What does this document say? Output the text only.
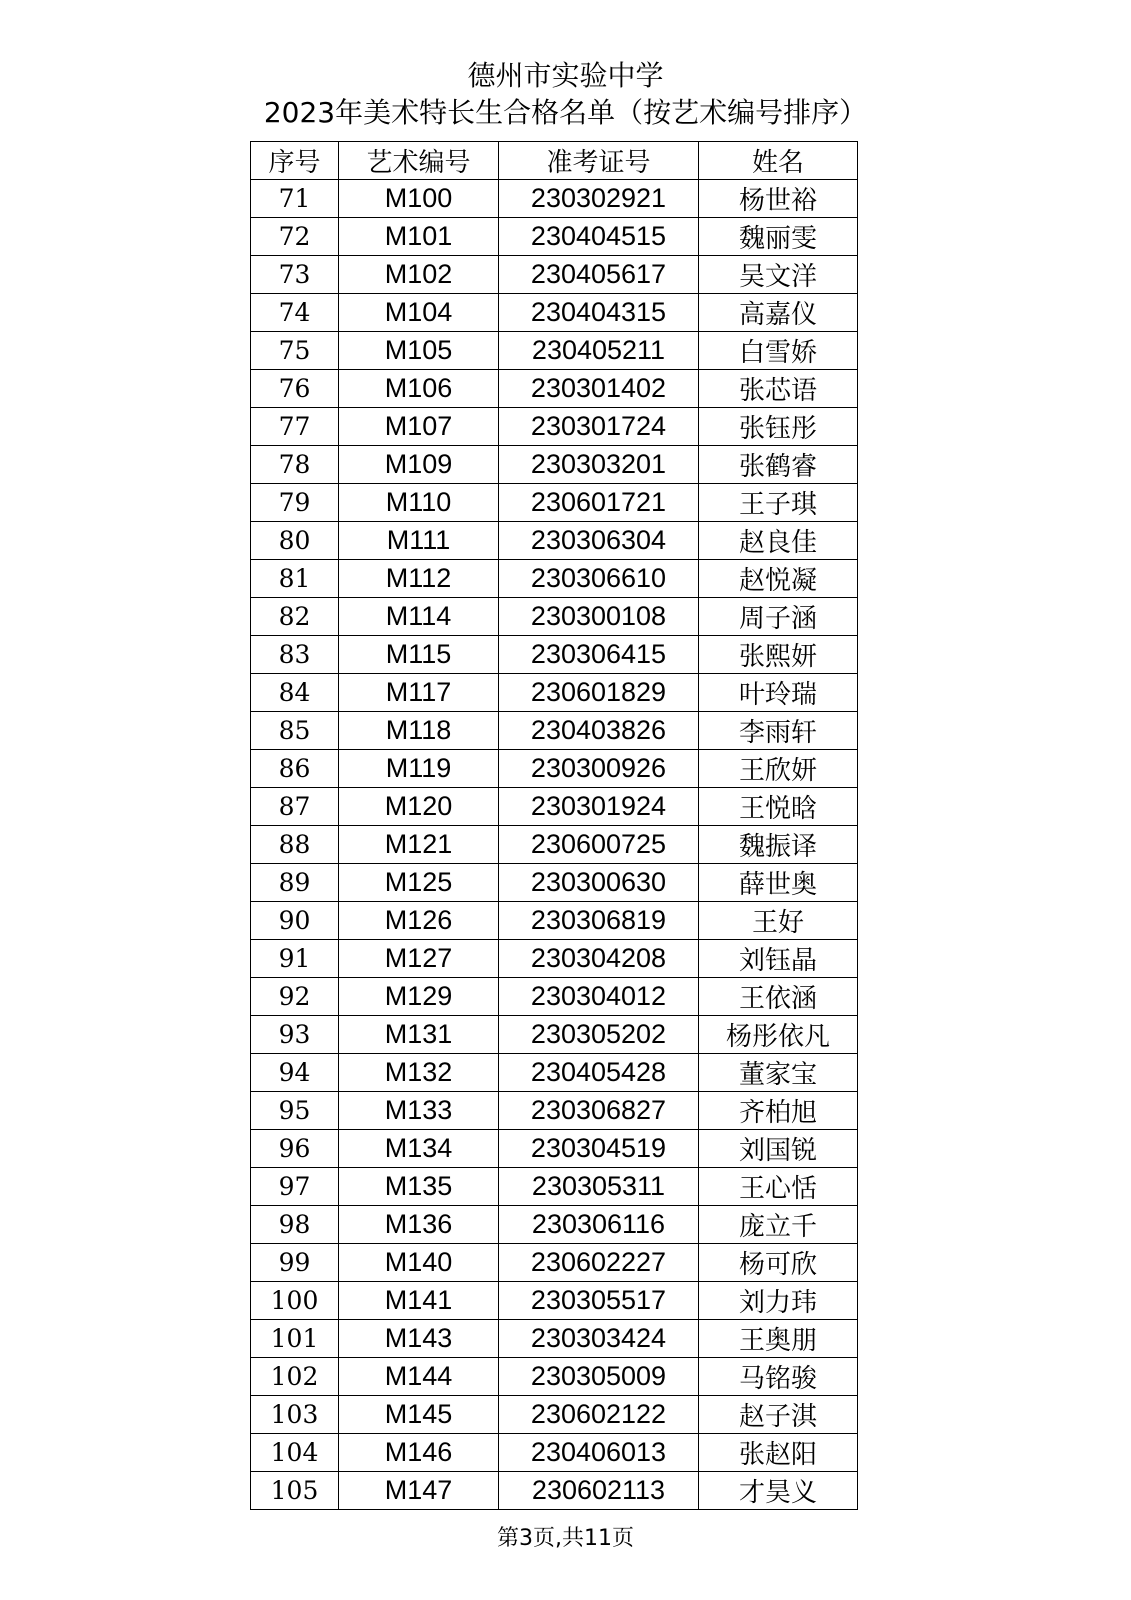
德州市实验中学
2023年美术特长生合格名单（按艺术编号排序）
序号	艺术编号	准考证号	姓名
71	M100	230302921	杨世裕
72	M101	230404515	魏丽雯
73	M102	230405617	吴文洋
74	M104	230404315	高嘉仪
75	M105	230405211	白雪娇
76	M106	230301402	张芯语
77	M107	230301724	张钰彤
78	M109	230303201	张鹤睿
79	M110	230601721	王子琪
80	M111	230306304	赵良佳
81	M112	230306610	赵悦凝
82	M114	230300108	周子涵
83	M115	230306415	张熙妍
84	M117	230601829	叶玲瑞
85	M118	230403826	李雨轩
86	M119	230300926	王欣妍
87	M120	230301924	王悦晗
88	M121	230600725	魏振译
89	M125	230300630	薛世奥
90	M126	230306819	王好
91	M127	230304208	刘钰晶
92	M129	230304012	王依涵
93	M131	230305202	杨彤依凡
94	M132	230405428	董家宝
95	M133	230306827	齐柏旭
96	M134	230304519	刘国锐
97	M135	230305311	王心恬
98	M136	230306116	庞立千
99	M140	230602227	杨可欣
100	M141	230305517	刘力玮
101	M143	230303424	王奥朋
102	M144	230305009	马铭骏
103	M145	230602122	赵子淇
104	M146	230406013	张赵阳
105	M147	230602113	才昊义
第3页,共11页
